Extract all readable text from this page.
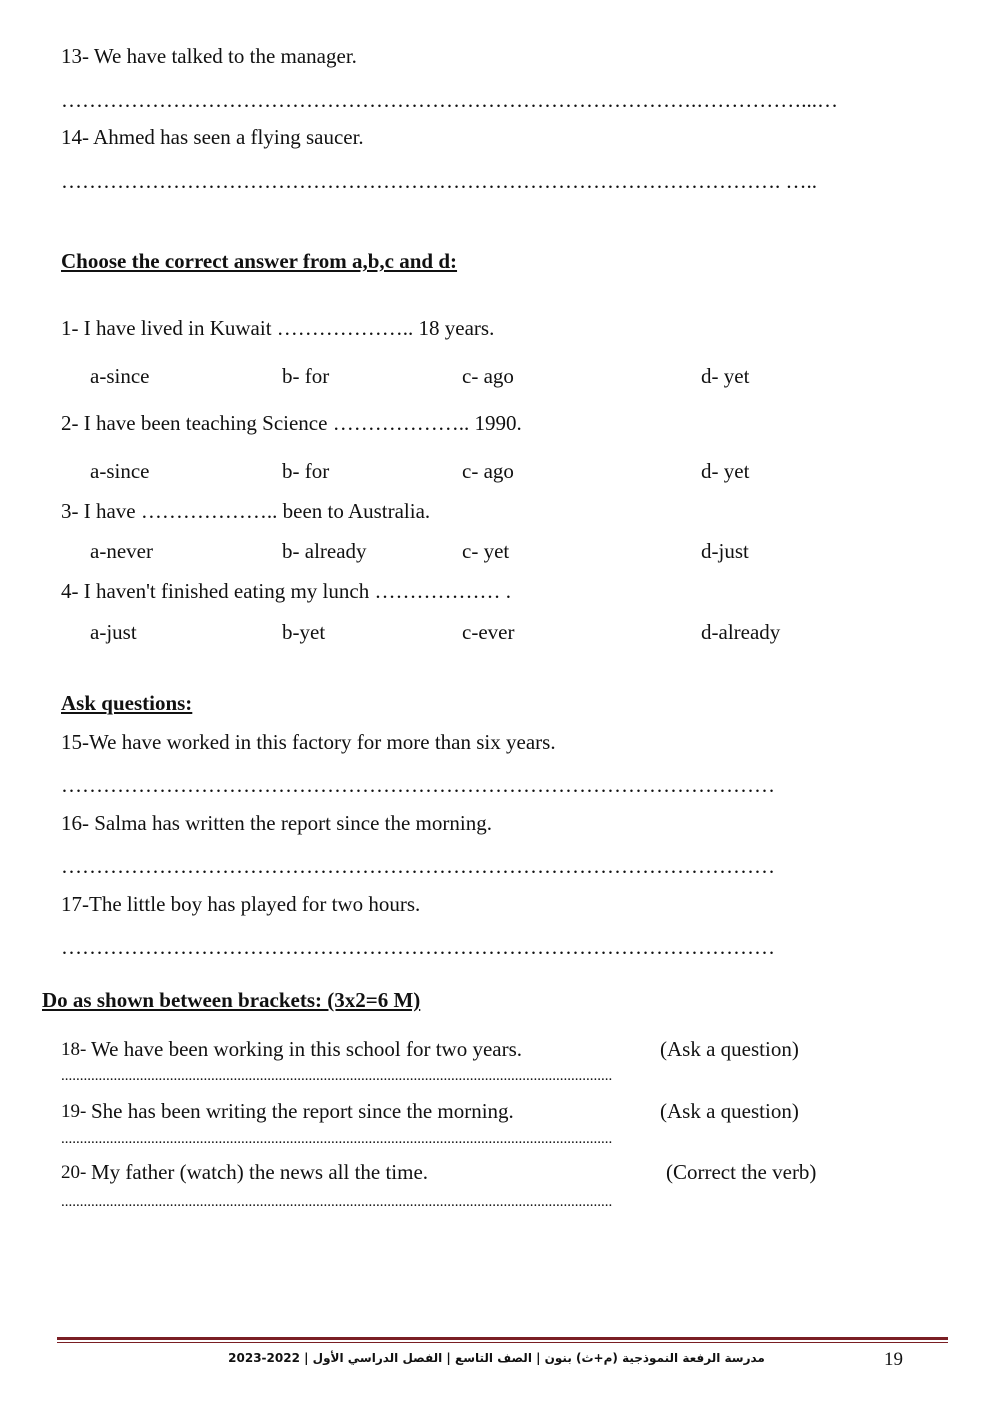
13- We have talked to the manager.
……………………………………………………………………………….……………...…
14- Ahmed has seen a flying saucer.
…………………………………………………………………………………………. …..
Choose the correct answer from a,b,c and d:
1- I have lived in Kuwait ……………….. 18 years.
a-since	b- for	c- ago	d- yet
2- I have been teaching Science ……………….. 1990.
a-since	b- for	c- ago	d- yet
3- I have ……………….. been to Australia.
a-never	b- already	c- yet	d-just
4- I haven't finished eating my lunch ……………… .
a-just	b-yet	c-ever	d-already
Ask questions:
15-We have worked in this factory for more than six years.
…………………………………………………………………………………………
16- Salma has written the report since the morning.
…………………………………………………………………………………………
17-The little boy has played for two hours.
…………………………………………………………………………………………
Do as shown between brackets: (3x2=6 M)
18- We have been working in this school for two years.	(Ask a question)
...................................................................................................................................................
19- She has been writing the report since the morning.	(Ask a question)
...................................................................................................................................................
20- My father (watch) the news all the time.	(Correct the verb)
...................................................................................................................................................
مدرسة الرفعة النموذجية (م+ث) بنون | الصف التاسع | الفصل الدراسي الأول | 2022-2023	19
